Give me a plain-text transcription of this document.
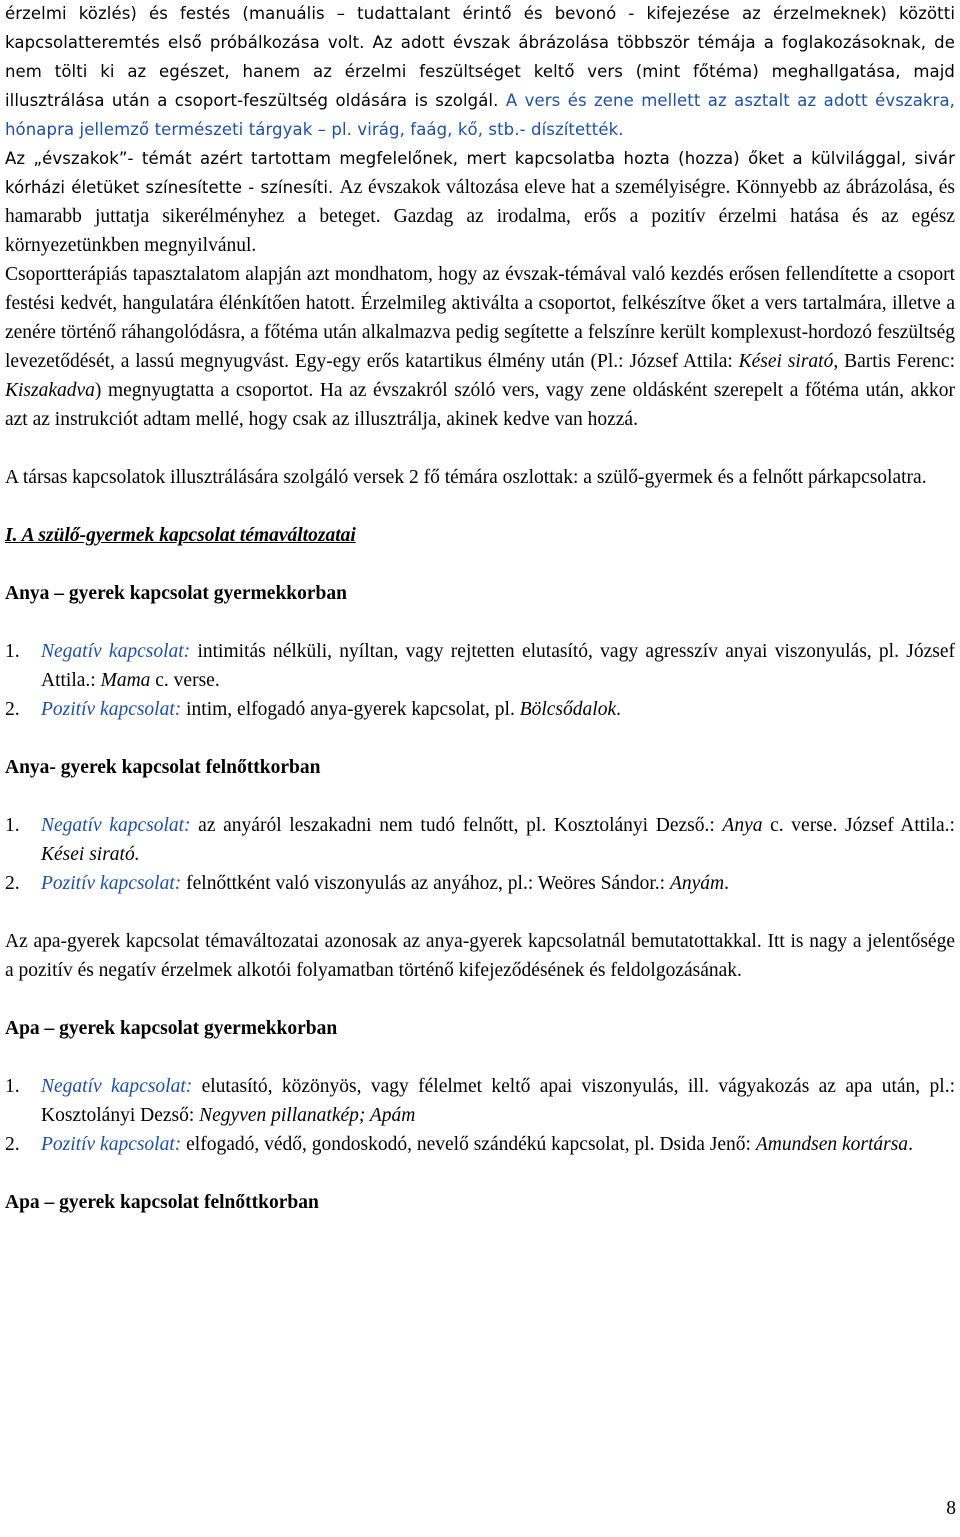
érzelmi közlés) és festés (manuális – tudattalant érintő és bevonó - kifejezése az érzelmeknek) közötti kapcsolatteremtés első próbálkozása volt. Az adott évszak ábrázolása többször témája a foglakozásoknak, de nem tölti ki az egészet, hanem az érzelmi feszültséget keltő vers (mint főtéma) meghallgatása, majd illusztrálása után a csoport-feszültség oldására is szolgál. A vers és zene mellett az asztalt az adott évszakra, hónapra jellemző természeti tárgyak – pl. virág, faág, kő, stb.- díszítették.

Az „évszakok”- témát azért tartottam megfelelőnek, mert kapcsolatba hozta (hozza) őket a külvilággal, sivár kórházi életüket színesítette - színesíti. Az évszakok változása eleve hat a személyiségre. Könnyebb az ábrázolása, és hamarabb juttatja sikerélményhez a beteget. Gazdag az irodalma, erős a pozitív érzelmi hatása és az egész környezetünkben megnyilvánul.

Csoportterápiás tapasztalatom alapján azt mondhatom, hogy az évszak-témával való kezdés erősen fellendítette a csoport festési kedvét, hangulatára élénkítően hatott. Érzelmileg aktiválta a csoportot, felkészítve őket a vers tartalmára, illetve a zenére történő ráhangolódásra, a főtéma után alkalmazva pedig segítette a felszínre került komplexust-hordozó feszültség levezetődését, a lassú megnyugvást. Egy-egy erős katartikus élmény után (Pl.: József Attila: Kései sirató, Bartis Ferenc: Kiszakadva) megnyugtatta a csoportot. Ha az évszakról szóló vers, vagy zene oldásként szerepelt a főtéma után, akkor azt az instrukciót adtam mellé, hogy csak az illusztrálja, akinek kedve van hozzá.

A társas kapcsolatok illusztrálására szolgáló versek 2 fő témára oszlottak: a szülő-gyermek és a felnőtt párkapcsolatra.

I. A szülő-gyermek kapcsolat témaváltozatai
Anya – gyerek kapcsolat gyermekkorban
1. Negatív kapcsolat: intimitás nélküli, nyíltan, vagy rejtetten elutasító, vagy agresszív anyai viszonyulás, pl. József Attila.: Mama c. verse.
2. Pozitív kapcsolat: intim, elfogadó anya-gyerek kapcsolat, pl. Bölcsődalok.
Anya- gyerek kapcsolat felnőttkorban
1. Negatív kapcsolat: az anyáról leszakadni nem tudó felnőtt, pl. Kosztolányi Dezső.: Anya c. verse. József Attila.: Kései sirató.
2. Pozitív kapcsolat: felnőttként való viszonyulás az anyához, pl.: Weöres Sándor.: Anyám.

Az apa-gyerek kapcsolat témaváltozatai azonosak az anya-gyerek kapcsolatnál bemutatottakkal. Itt is nagy a jelentősége a pozitív és negatív érzelmek alkotói folyamatban történő kifejeződésének és feldolgozásának.

Apa – gyerek kapcsolat gyermekkorban
1. Negatív kapcsolat: elutasító, közönyös, vagy félelmet keltő apai viszonyulás, ill. vágyakozás az apa után, pl.: Kosztolányi Dezső: Negyven pillanatkép; Apám
2. Pozitív kapcsolat: elfogadó, védő, gondoskodó, nevelő szándékú kapcsolat, pl. Dsida Jenő: Amundsen kortársa.
Apa – gyerek kapcsolat felnőttkorban
8
